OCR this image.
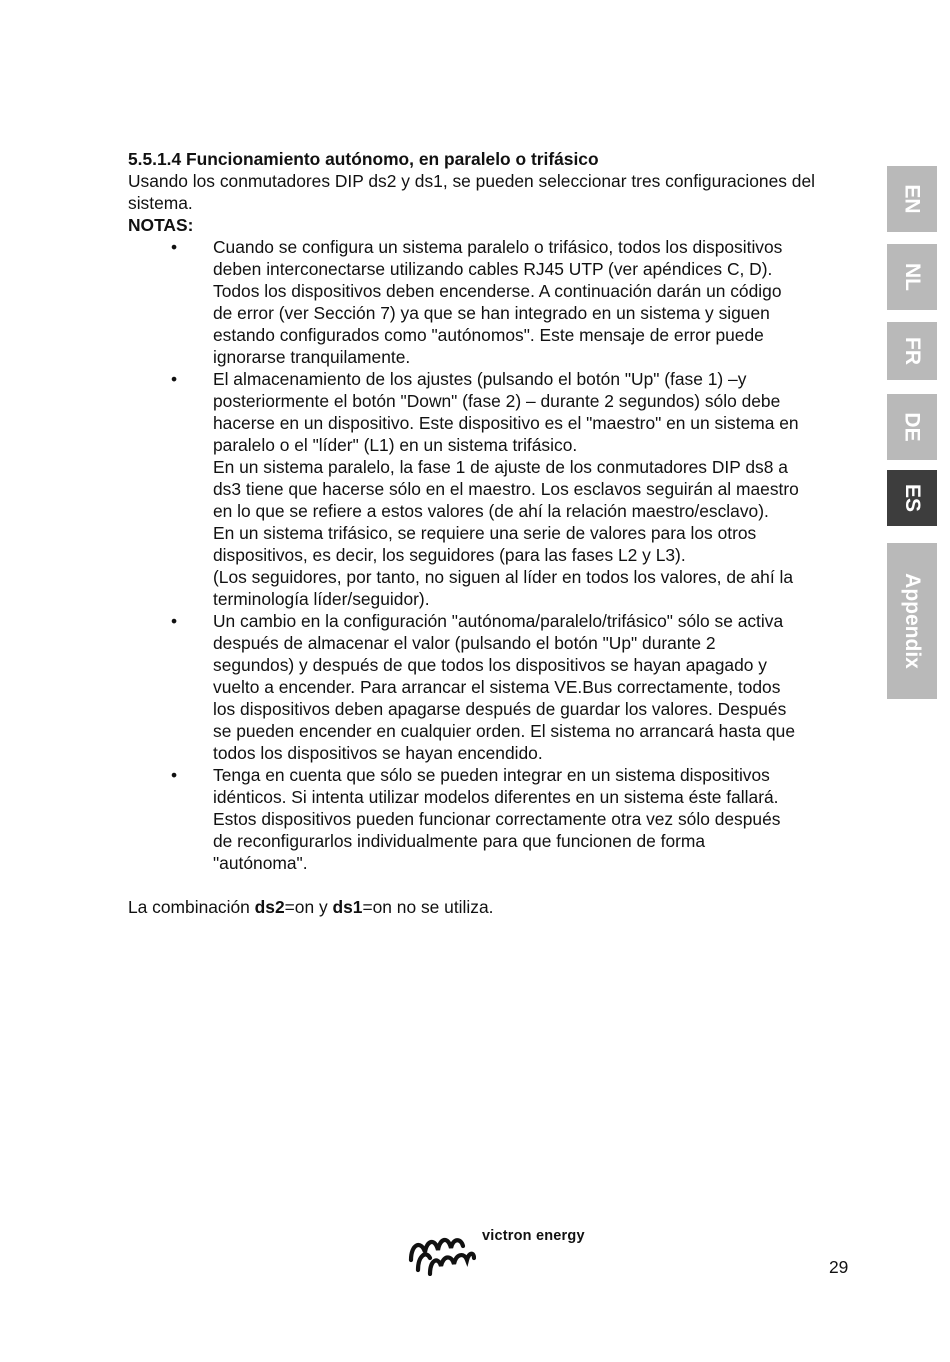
5.5.1.4 Funcionamiento autónomo, en paralelo o trifásico

Usando los conmutadores DIP ds2 y ds1, se pueden seleccionar tres configuraciones del sistema.

NOTAS:

• Cuando se configura un sistema paralelo o trifásico, todos los dispositivos
deben interconectarse utilizando cables RJ45 UTP (ver apéndices C, D).
Todos los dispositivos deben encenderse. A continuación darán un código
de error (ver Sección 7) ya que se han integrado en un sistema y siguen
estando configurados como "autónomos". Este mensaje de error puede
ignorarse tranquilamente.
• El almacenamiento de los ajustes (pulsando el botón "Up" (fase 1) –y
posteriormente el botón "Down" (fase 2) – durante 2 segundos) sólo debe
hacerse en un dispositivo. Este dispositivo es el "maestro" en un sistema en
paralelo o el "líder" (L1) en un sistema trifásico.
En un sistema paralelo, la fase 1 de ajuste de los conmutadores DIP ds8 a
ds3 tiene que hacerse sólo en el maestro. Los esclavos seguirán al maestro
en lo que se refiere a estos valores (de ahí la relación maestro/esclavo).
En un sistema trifásico, se requiere una serie de valores para los otros
dispositivos, es decir, los seguidores (para las fases L2 y L3).
(Los seguidores, por tanto, no siguen al líder en todos los valores, de ahí la
terminología líder/seguidor).
• Un cambio en la configuración "autónoma/paralelo/trifásico" sólo se activa
después de almacenar el valor (pulsando el botón "Up" durante 2
segundos) y después de que todos los dispositivos se hayan apagado y
vuelto a encender. Para arrancar el sistema VE.Bus correctamente, todos
los dispositivos deben apagarse después de guardar los valores. Después
se pueden encender en cualquier orden. El sistema no arrancará hasta que
todos los dispositivos se hayan encendido.
• Tenga en cuenta que sólo se pueden integrar en un sistema dispositivos
idénticos. Si intenta utilizar modelos diferentes en un sistema éste fallará.
Estos dispositivos pueden funcionar correctamente otra vez sólo después
de reconfigurarlos individualmente para que funcionen de forma
"autónoma".

La combinación ds2=on y ds1=on no se utiliza.

EN
NL
FR
DE
ES
Appendix
victron energy
29
